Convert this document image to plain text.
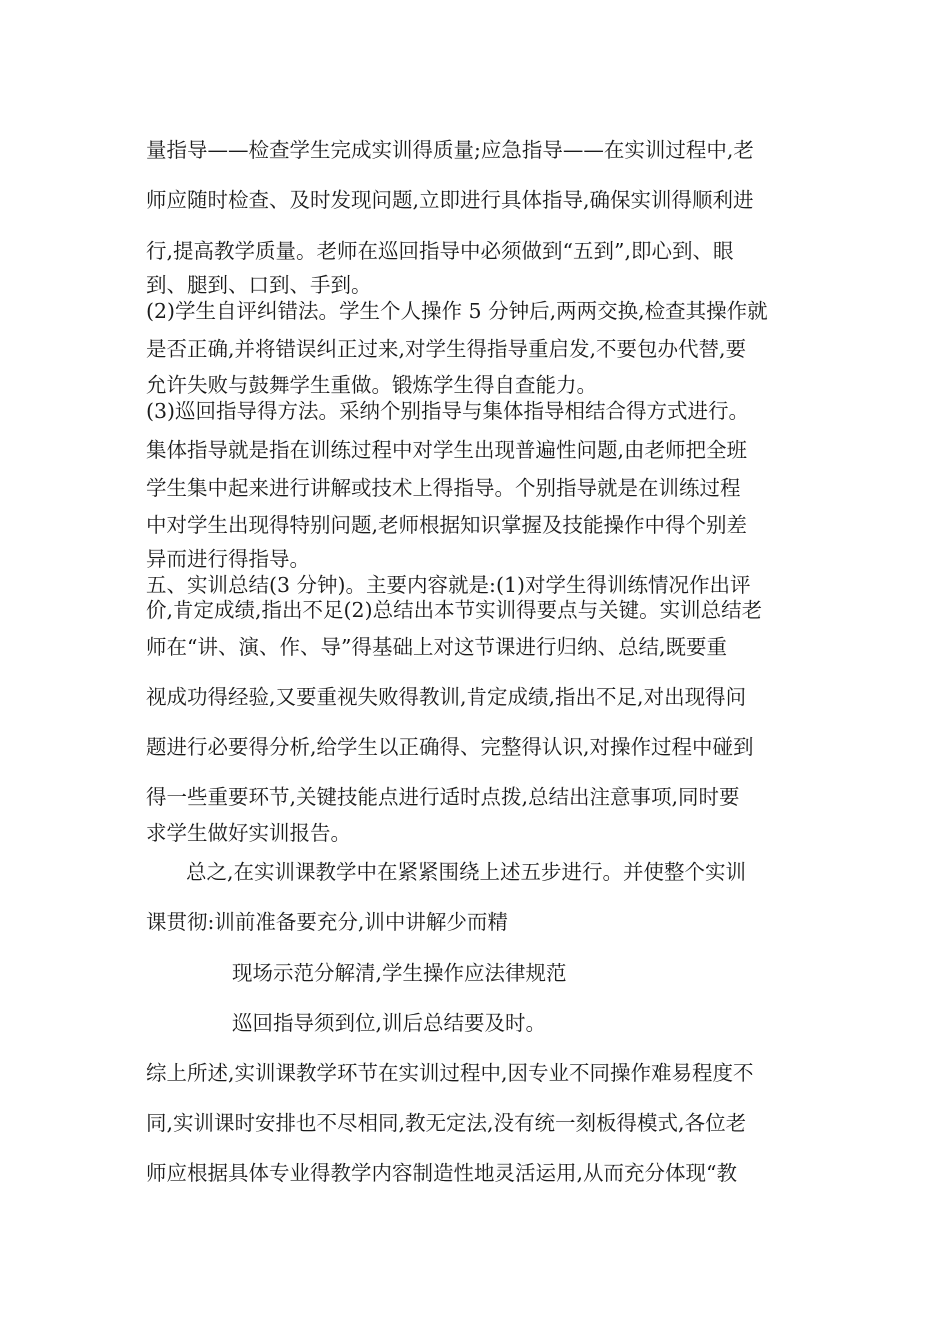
量指导——检查学生完成实训得质量;应急指导——在实训过程中,老
师应随时检查、及时发现问题,立即进行具体指导,确保实训得顺利进
行,提高教学质量。老师在巡回指导中必须做到“五到”,即心到、眼
到、腿到、口到、手到。
(2)学生自评纠错法。学生个人操作 5 分钟后,两两交换,检查其操作就
是否正确,并将错误纠正过来,对学生得指导重启发,不要包办代替,要
允许失败与鼓舞学生重做。锻炼学生得自查能力。
(3)巡回指导得方法。采纳个别指导与集体指导相结合得方式进行。
集体指导就是指在训练过程中对学生出现普遍性问题,由老师把全班
学生集中起来进行讲解或技术上得指导。个别指导就是在训练过程
中对学生出现得特别问题,老师根据知识掌握及技能操作中得个别差
异而进行得指导。
五、实训总结(3 分钟)。主要内容就是:(1)对学生得训练情况作出评
价,肯定成绩,指出不足(2)总结出本节实训得要点与关键。实训总结老
师在“讲、演、作、导”得基础上对这节课进行归纳、总结,既要重
视成功得经验,又要重视失败得教训,肯定成绩,指出不足,对出现得问
题进行必要得分析,给学生以正确得、完整得认识,对操作过程中碰到
得一些重要环节,关键技能点进行适时点拨,总结出注意事项,同时要
求学生做好实训报告。
总之,在实训课教学中在紧紧围绕上述五步进行。并使整个实训
课贯彻:训前准备要充分,训中讲解少而精
现场示范分解清,学生操作应法律规范
巡回指导须到位,训后总结要及时。
综上所述,实训课教学环节在实训过程中,因专业不同操作难易程度不
同,实训课时安排也不尽相同,教无定法,没有统一刻板得模式,各位老
师应根据具体专业得教学内容制造性地灵活运用,从而充分体现“教
